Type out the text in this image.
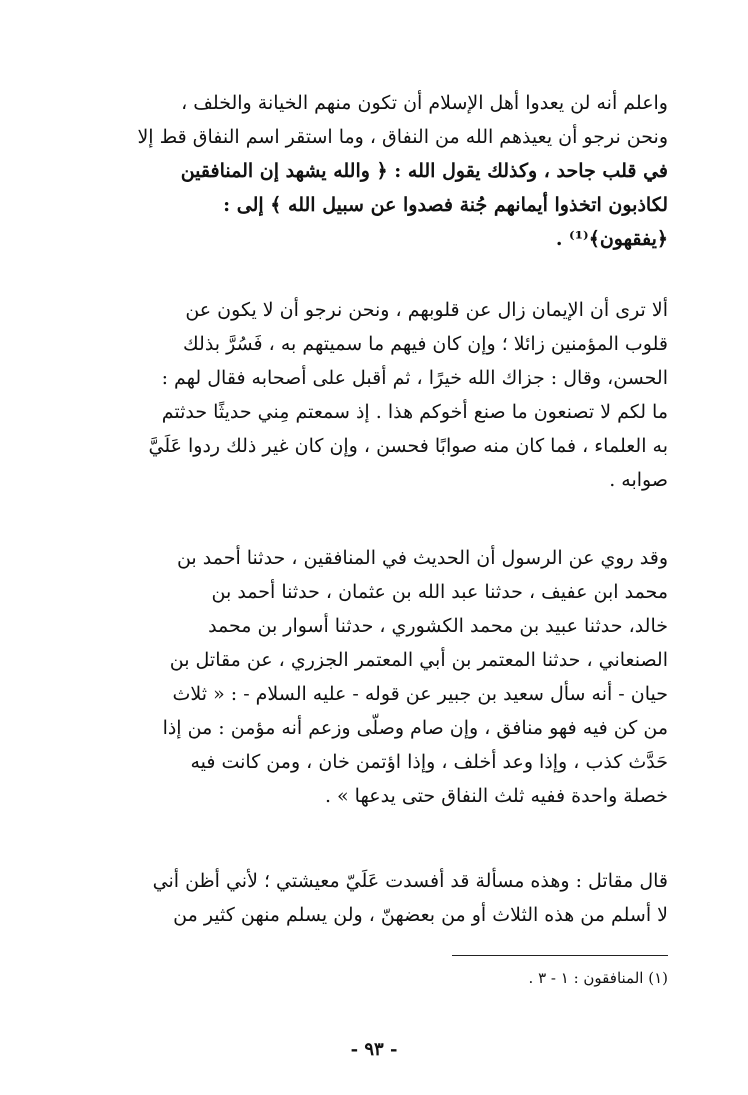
واعلم أنه لن يعدوا أهل الإسلام أن تكون منهم الخيانة والخلف ،
ونحن نرجو أن يعيذهم الله من النفاق ، وما استقر اسم النفاق قط إلا
في قلب جاحد ، وكذلك يقول الله : ﴿ والله يشهد إن المنافقين
لكاذبون اتخذوا أيمانهم جُنة فصدوا عن سبيل الله ﴾ إلى :
﴿يفقهون﴾⁽¹⁾ .
ألا ترى أن الإيمان زال عن قلوبهم ، ونحن نرجو أن لا يكون عن
قلوب المؤمنين زائلا ؛ وإن كان فيهم ما سميتهم به ، فَسُرَّ بذلك
الحسن، وقال : جزاك الله خيرًا ، ثم أقبل على أصحابه فقال لهم :
ما لكم لا تصنعون ما صنع أخوكم هذا . إذ سمعتم مِني حديثًا حدثتم
به العلماء ، فما كان منه صوابًا فحسن ، وإن كان غير ذلك ردوا عَلَيَّ
صوابه .
وقد روي عن الرسول أن الحديث في المنافقين ، حدثنا أحمد بن
محمد ابن عفيف ، حدثنا عبد الله بن عثمان ، حدثنا أحمد بن
خالد، حدثنا عبيد بن محمد الكشوري ، حدثنا أسوار بن محمد
الصنعاني ، حدثنا المعتمر بن أبي المعتمر الجزري ، عن مقاتل بن
حيان - أنه سأل سعيد بن جبير عن قوله - عليه السلام - : « ثلاث
من كن فيه فهو منافق ، وإن صام وصلّى وزعم أنه مؤمن : من إذا
حَدَّث كذب ، وإذا وعد أخلف ، وإذا اؤتمن خان ، ومن كانت فيه
خصلة واحدة ففيه ثلث النفاق حتى يدعها » .
قال مقاتل : وهذه مسألة قد أفسدت عَلَيّ معيشتي ؛ لأني أظن أني
لا أسلم من هذه الثلاث أو من بعضهنّ ، ولن يسلم منهن كثير من
(١) المنافقون : ١ - ٣ .
- ٩٣ -
